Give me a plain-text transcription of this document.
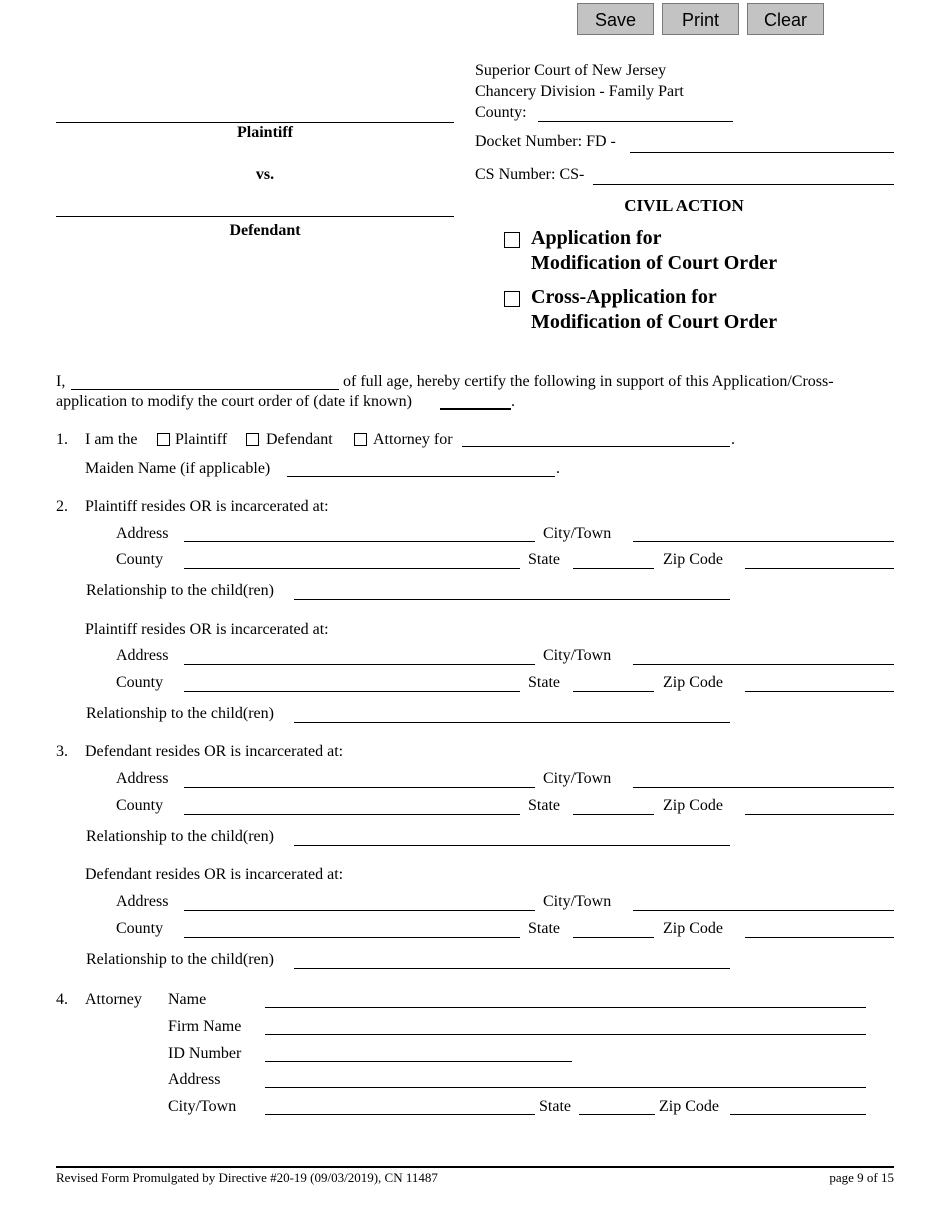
Save	Print	Clear
Plaintiff
vs.
Defendant
Superior Court of New Jersey
Chancery Division - Family Part
County:
Docket Number: FD -
CS Number: CS-
CIVIL ACTION
Application for
Modification of Court Order
Cross-Application for
Modification of Court Order
I,	of full age, hereby certify the following in support of this Application/Cross-
application to modify the court order of (date if known)	.
1. I am the Plaintiff Defendant	Attorney for	.
Maiden Name (if applicable)	.
2. Plaintiff resides OR is incarcerated at:
Address	City/Town
County	State	Zip Code
Relationship to the child(ren)
Plaintiff resides OR is incarcerated at:
Address	City/Town
County	State	Zip Code
Relationship to the child(ren)
3. Defendant resides OR is incarcerated at:
Address	City/Town
County	State	Zip Code
Relationship to the child(ren)
Defendant resides OR is incarcerated at:
Address	City/Town
County	State	Zip Code
Relationship to the child(ren)
4. Attorney Name
Firm Name
ID Number
Address
City/Town	State	Zip Code
Revised Form Promulgated by Directive #20-19 (09/03/2019), CN 11487	page 9 of 15
